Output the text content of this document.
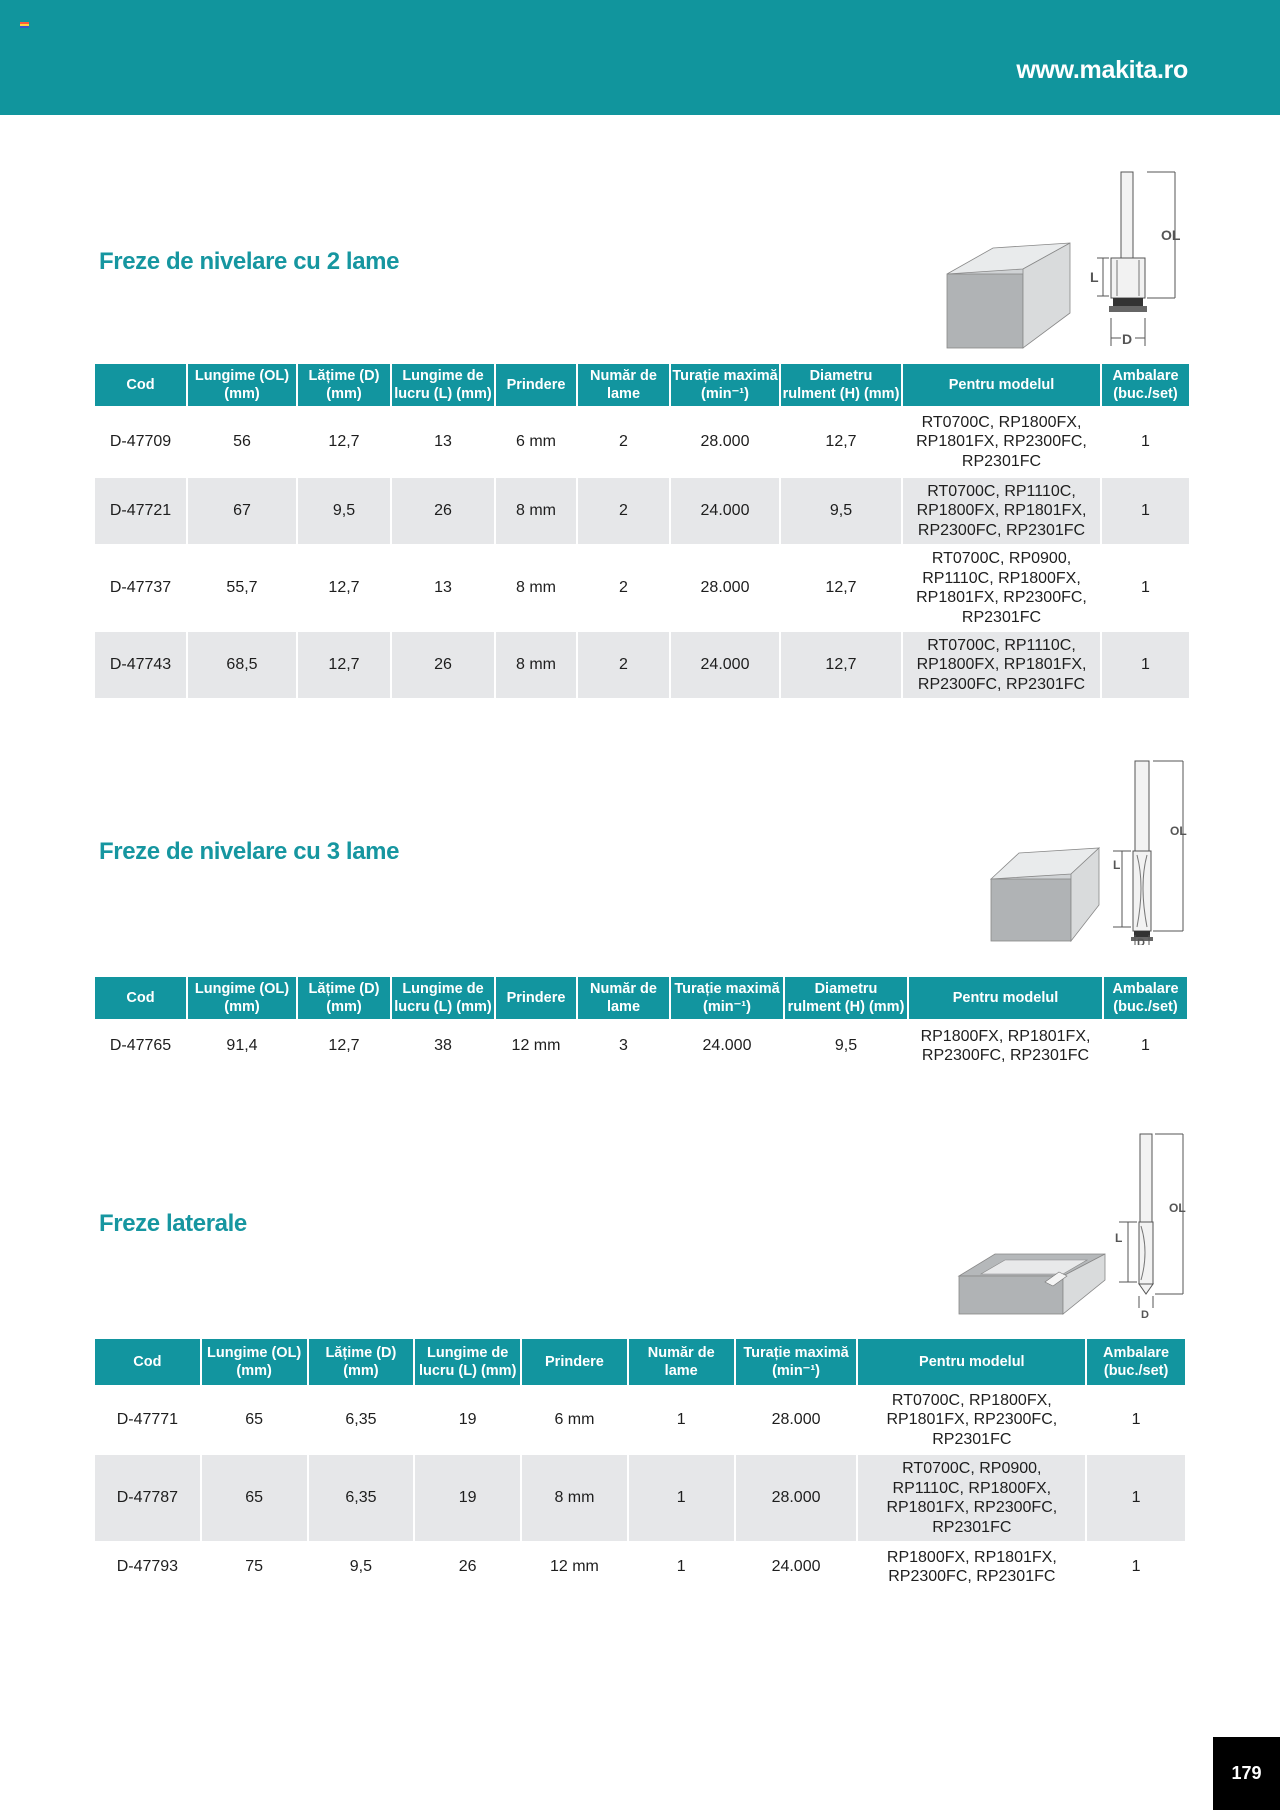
www.makita.ro
Freze de nivelare cu 2 lame
OL
L
D
Cod	Lungime (OL) (mm)	Lățime (D) (mm)	Lungime de lucru (L) (mm)	Prindere	Număr de lame	Turație maximă (min⁻¹)	Diametru rulment (H) (mm)	Pentru modelul	Ambalare (buc./set)
D-47709	56	12,7	13	6 mm	2	28.000	12,7	RT0700C, RP1800FX,
RP1801FX, RP2300FC,
RP2301FC	1
D-47721	67	9,5	26	8 mm	2	24.000	9,5	RT0700C, RP1110C,
RP1800FX, RP1801FX,
RP2300FC, RP2301FC	1
D-47737	55,7	12,7	13	8 mm	2	28.000	12,7	RT0700C, RP0900,
RP1110C, RP1800FX,
RP1801FX, RP2300FC,
RP2301FC	1
D-47743	68,5	12,7	26	8 mm	2	24.000	12,7	RT0700C, RP1110C,
RP1800FX, RP1801FX,
RP2300FC, RP2301FC	1
Freze de nivelare cu 3 lame
OL
L
D
Cod	Lungime (OL) (mm)	Lățime (D) (mm)	Lungime de lucru (L) (mm)	Prindere	Număr de lame	Turație maximă (min⁻¹)	Diametru rulment (H) (mm)	Pentru modelul	Ambalare (buc./set)
D-47765	91,4	12,7	38	12 mm	3	24.000	9,5	RP1800FX, RP1801FX,
RP2300FC, RP2301FC	1
Freze laterale
OL
L
D
Cod	Lungime (OL) (mm)	Lățime (D) (mm)	Lungime de lucru (L) (mm)	Prindere	Număr de lame	Turație maximă (min⁻¹)	Pentru modelul	Ambalare (buc./set)
D-47771	65	6,35	19	6 mm	1	28.000	RT0700C, RP1800FX,
RP1801FX, RP2300FC,
RP2301FC	1
D-47787	65	6,35	19	8 mm	1	28.000	RT0700C, RP0900,
RP1110C, RP1800FX,
RP1801FX, RP2300FC,
RP2301FC	1
D-47793	75	9,5	26	12 mm	1	24.000	RP1800FX, RP1801FX,
RP2300FC, RP2301FC	1
179
